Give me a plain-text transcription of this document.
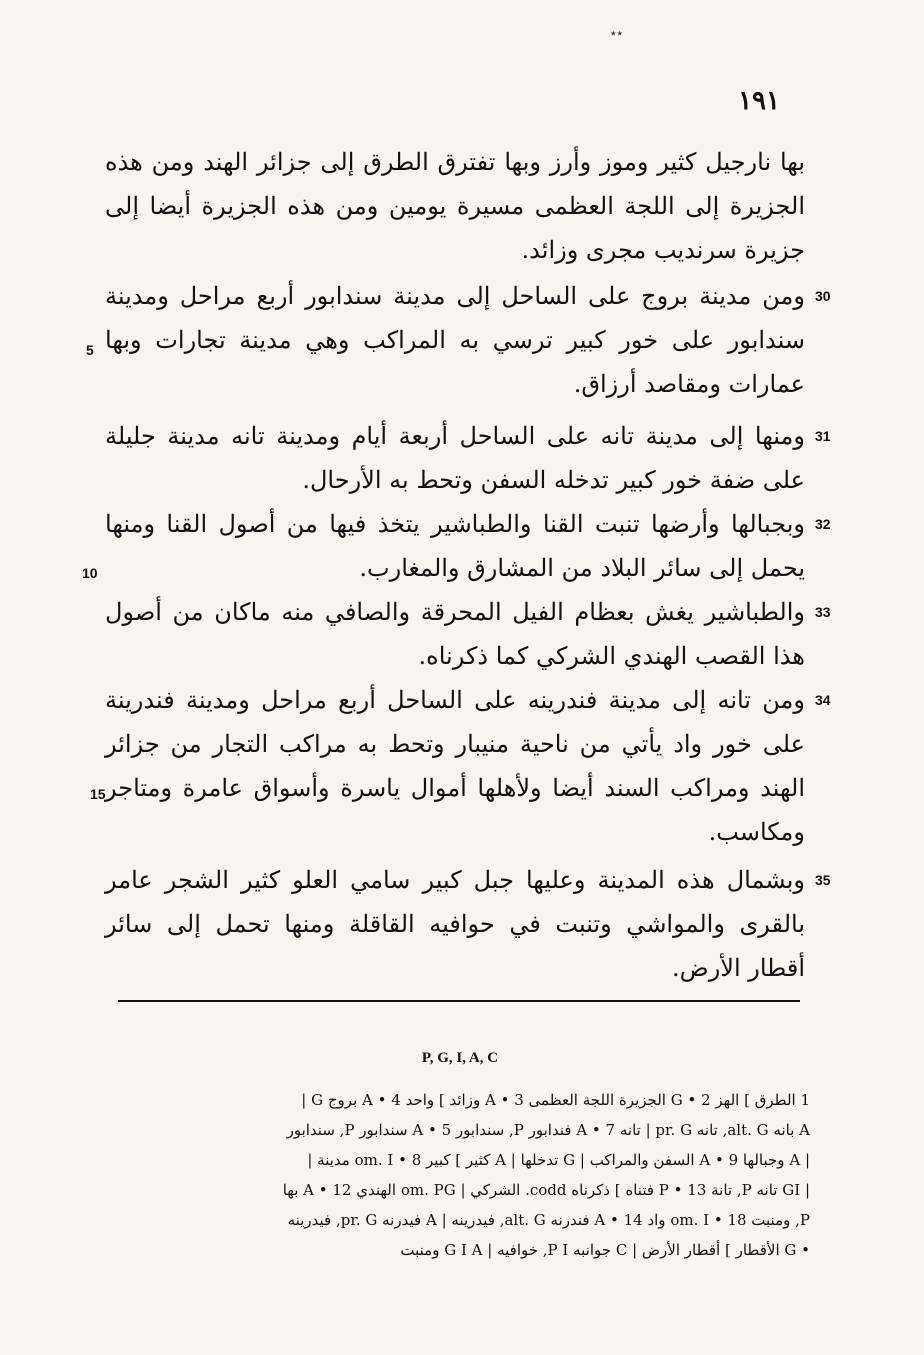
٭٭
١٩١

بها نارجيل كثير وموز وأرز وبها تفترق الطرق إلى جزائر الهند ومن هذه الجزيرة إلى اللجة العظمى مسيرة يومين ومن هذه الجزيرة أيضا إلى جزيرة سرنديب مجرى وزائد.

30
ومن مدينة بروج على الساحل إلى مدينة سندابور أربع مراحل ومدينة سندابور على خور كبير ترسي به المراكب وهي مدينة تجارات وبها عمارات ومقاصد أرزاق.

31
ومنها إلى مدينة تانه على الساحل أربعة أيام ومدينة تانه مدينة جليلة على ضفة خور كبير تدخله السفن وتحط به الأرحال.

32
وبجبالها وأرضها تنبت القنا والطباشير يتخذ فيها من أصول القنا ومنها يحمل إلى سائر البلاد من المشارق والمغارب.

33
والطباشير يغش بعظام الفيل المحرقة والصافي منه ماكان من أصول هذا القصب الهندي الشركي كما ذكرناه.

34
ومن تانه إلى مدينة فندرينه على الساحل أربع مراحل ومدينة فندرينة على خور واد يأتي من ناحية منيبار وتحط به مراكب التجار من جزائر الهند ومراكب السند أيضا ولأهلها أموال ياسرة وأسواق عامرة ومتاجر ومكاسب.

35
وبشمال هذه المدينة وعليها جبل كبير سامي العلو كثير الشجر عامر بالقرى والمواشي وتنبت في حوافيه القاقلة ومنها تحمل إلى سائر أقطار الأرض.

5
10
15
P, G, I, A, C

1 الطرق ] الهز G • 2 الجزيرة اللجة العظمى A • 3 وزائد ] واحد A • 4 بروج G |

A بانه alt. G, تانه pr. G | تانه 7 • A فندابور P, سندابور 5 • A سندابور P, سندابور

| A وجبالها 9 • A السفن والمراكب | G تدخلها | A كثير ] كبير 8 • om. I مدينة |

| GI تانه P, تانة 13 • P فتناه ] ذكرناه codd. الشركي | om. PG الهندي 12 • A بها

P, ومنبت 18 • om. I واد 14 • A فندرنه alt. G, فيدرينه | A فيدرنه pr. G, فيدرينه

• G الأقطار ] أقطار الأرض | C جوانبه P I, خوافيه | G I A ومنبت
